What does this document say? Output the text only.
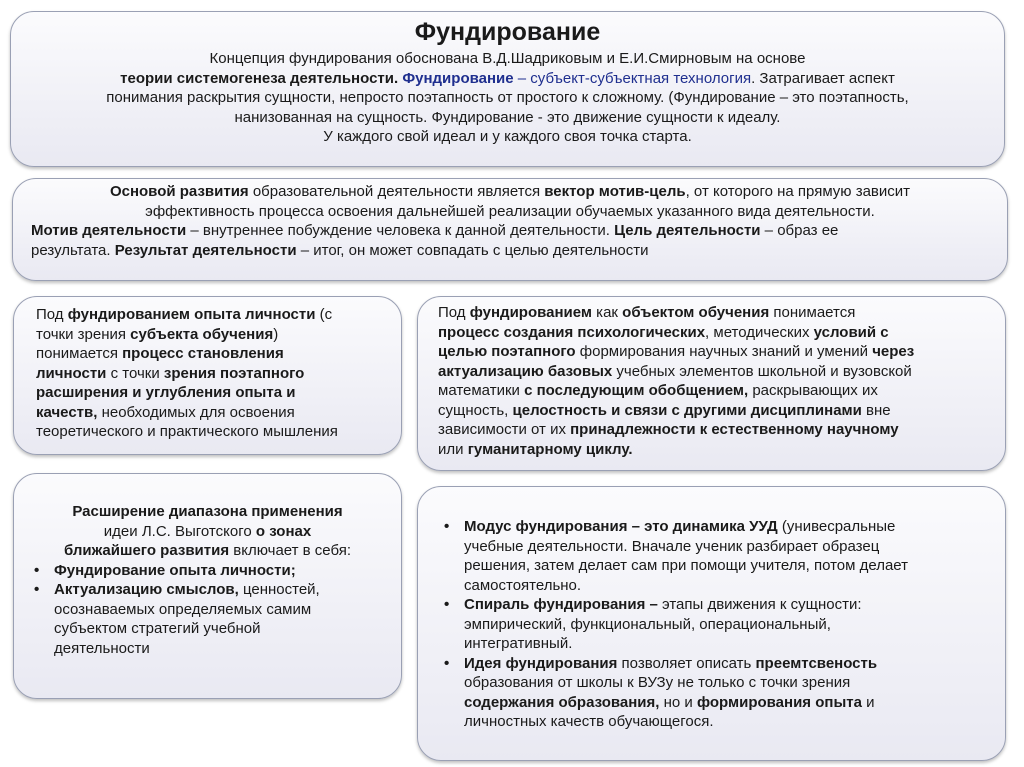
Фундирование
Концепция фундирования обоснована В.Д.Шадриковым и Е.И.Смирновым на основе
теории системогенеза деятельности. Фундирование – субъект-субъектная технология. Затрагивает аспект
понимания раскрытия сущности, непросто поэтапность от простого к сложному. (Фундирование – это поэтапность,
нанизованная на сущность. Фундирование - это движение сущности к идеалу.
У каждого свой идеал и у каждого своя точка старта.
Основой развития образовательной деятельности является вектор мотив-цель, от которого на прямую зависит
эффективность процесса освоения дальнейшей реализации обучаемых указанного вида деятельности.
Мотив деятельности – внутреннее побуждение человека к данной деятельности. Цель деятельности – образ ее
результата. Результат деятельности – итог, он может совпадать с целью деятельности
Под фундированием опыта личности (с
точки зрения субъекта обучения)
понимается процесс становления
личности с точки зрения поэтапного
расширения и углубления опыта и
качеств, необходимых для освоения
теоретического и практического мышления
Под фундированием как объектом обучения понимается
процесс создания психологических, методических условий с
целью поэтапного формирования научных знаний и умений через
актуализацию базовых учебных элементов школьной и вузовской
математики с последующим обобщением, раскрывающих их
сущность, целостность и связи с другими дисциплинами вне
зависимости от их принадлежности к естественному научному
или гуманитарному циклу.
Расширение диапазона применения
идеи Л.С. Выготского о зонах
ближайшего развития включает в себя:
• Фундирование опыта личности;
• Актуализацию смыслов, ценностей,
осознаваемых определяемых самим
субъектом стратегий учебной
деятельности
• Модус фундирования – это динамика УУД (унивесральные
учебные деятельности. Вначале ученик разбирает образец
решения, затем делает сам при помощи учителя, потом делает
самостоятельно.
• Спираль фундирования – этапы движения к сущности:
эмпирический, функциональный, операциональный,
интегративный.
• Идея фундирования позволяет описать преемтсвеность
образования от школы к ВУЗу не только с точки зрения
содержания образования, но и формирования опыта и
личностных качеств обучающегося.
